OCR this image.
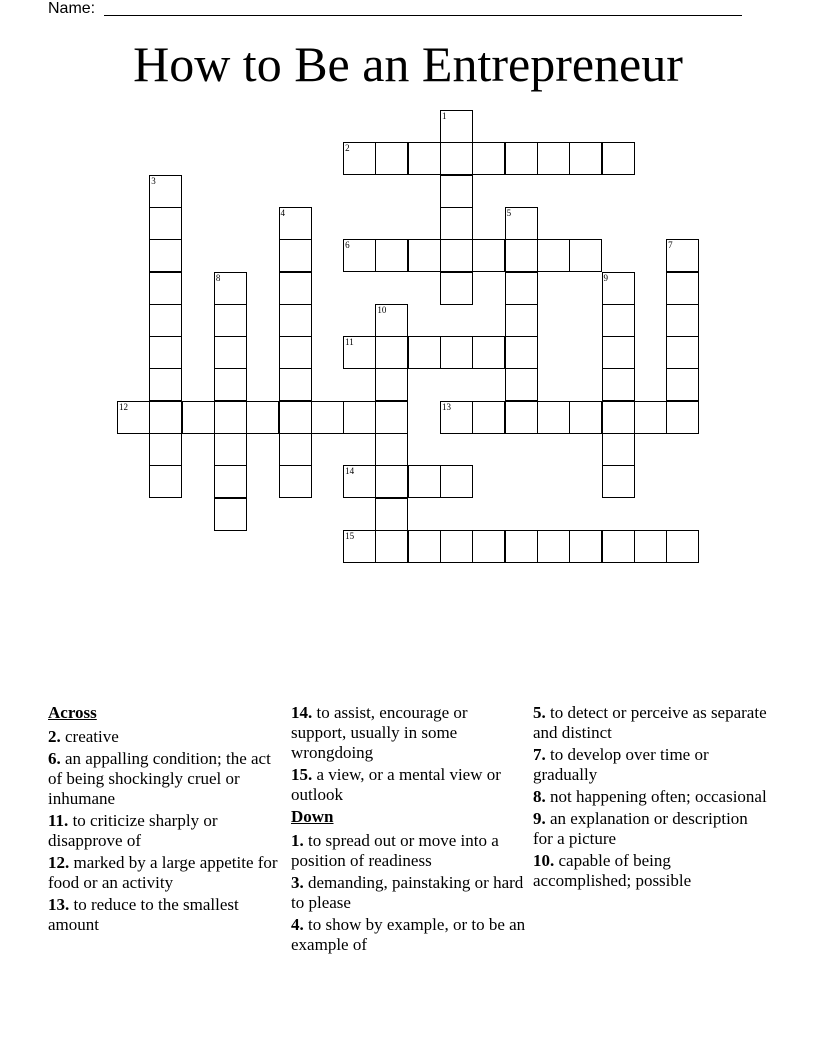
Name:
How to Be an Entrepreneur
1
2
3
4	5
6	7
8	9
10
11
12	13
14
15
Across
2. creative
6. an appalling condition; the act of being shockingly cruel or inhumane
11. to criticize sharply or disapprove of
12. marked by a large appetite for food or an activity
13. to reduce to the smallest amount
14. to assist, encourage or support, usually in some wrongdoing
15. a view, or a mental view or outlook
Down
1. to spread out or move into a position of readiness
3. demanding, painstaking or hard to please
4. to show by example, or to be an example of
5. to detect or perceive as separate and distinct
7. to develop over time or gradually
8. not happening often; occasional
9. an explanation or description for a picture
10. capable of being accomplished; possible
